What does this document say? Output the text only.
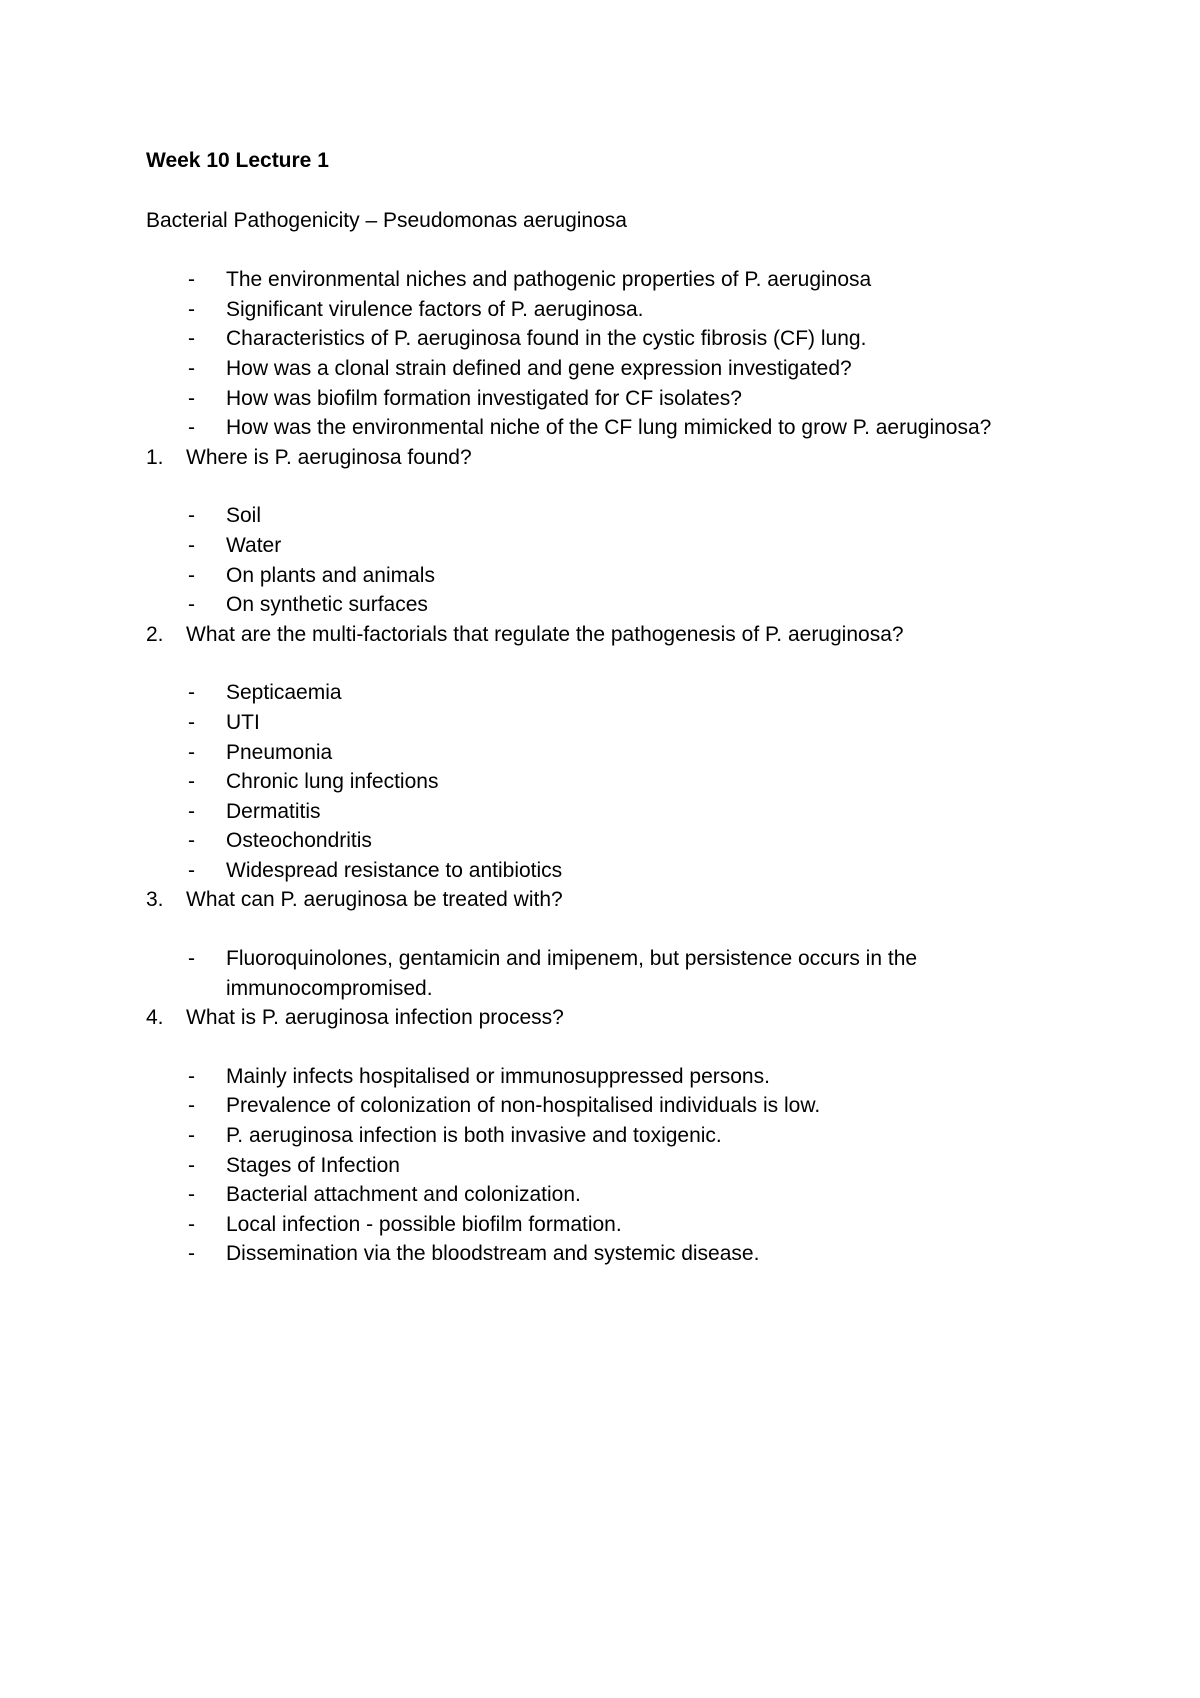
Week 10 Lecture 1
Bacterial Pathogenicity – Pseudomonas aeruginosa
- The environmental niches and pathogenic properties of P. aeruginosa
- Significant virulence factors of P. aeruginosa.
- Characteristics of P. aeruginosa found in the cystic fibrosis (CF) lung.
- How was a clonal strain defined and gene expression investigated?
- How was biofilm formation investigated for CF isolates?
- How was the environmental niche of the CF lung mimicked to grow P. aeruginosa?
1. Where is P. aeruginosa found?
- Soil
- Water
- On plants and animals
- On synthetic surfaces
2. What are the multi-factorials that regulate the pathogenesis of P. aeruginosa?
- Septicaemia
- UTI
- Pneumonia
- Chronic lung infections
- Dermatitis
- Osteochondritis
- Widespread resistance to antibiotics
3. What can P. aeruginosa be treated with?
- Fluoroquinolones, gentamicin and imipenem, but persistence occurs in the immunocompromised.
4. What is P. aeruginosa infection process?
- Mainly infects hospitalised or immunosuppressed persons.
- Prevalence of colonization of non-hospitalised individuals is low.
- P. aeruginosa infection is both invasive and toxigenic.
- Stages of Infection
- Bacterial attachment and colonization.
- Local infection - possible biofilm formation.
- Dissemination via the bloodstream and systemic disease.
